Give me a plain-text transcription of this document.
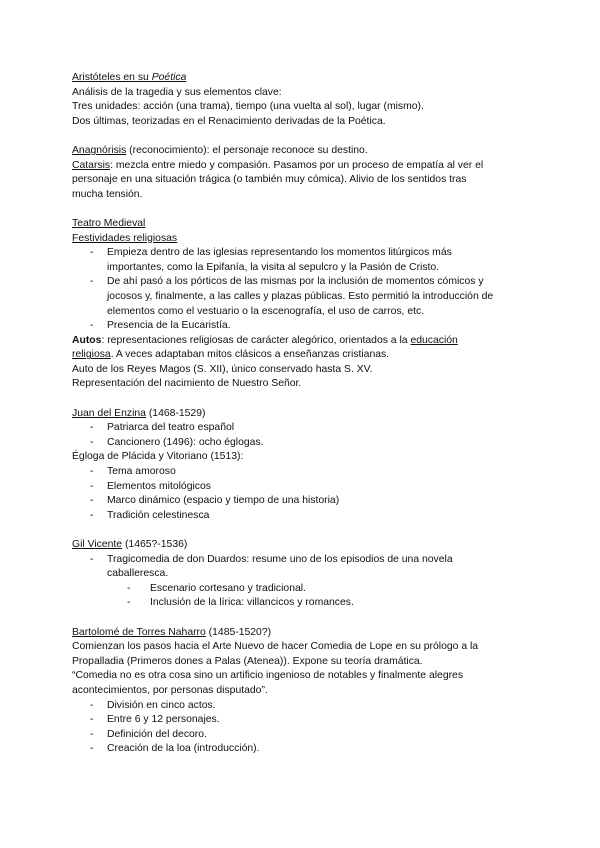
Aristóteles en su Poética
Análisis de la tragedia y sus elementos clave:
Tres unidades: acción (una trama), tiempo (una vuelta al sol), lugar (mismo).
Dos últimas, teorizadas en el Renacimiento derivadas de la Poética.
Anagnórisis (reconocimiento): el personaje reconoce su destino.
Catarsis: mezcla entre miedo y compasión. Pasamos por un proceso de empatía al ver el
personaje en una situación trágica (o también muy cómica). Alivio de los sentidos tras
mucha tensión.
Teatro Medieval
Festividades religiosas
- Empieza dentro de las iglesias representando los momentos litúrgicos más
importantes, como la Epifanía, la visita al sepulcro y la Pasión de Cristo.
- De ahí pasó a los pórticos de las mismas por la inclusión de momentos cómicos y
jocosos y, finalmente, a las calles y plazas públicas. Esto permitió la introducción de
elementos como el vestuario o la escenografía, el uso de carros, etc.
- Presencia de la Eucaristía.
Autos: representaciones religiosas de carácter alegórico, orientados a la educación
religiosa. A veces adaptaban mitos clásicos a enseñanzas cristianas.
Auto de los Reyes Magos (S. XII), único conservado hasta S. XV.
Representación del nacimiento de Nuestro Señor.
Juan del Enzina (1468-1529)
- Patriarca del teatro español
- Cancionero (1496): ocho églogas.
Égloga de Plácida y Vitoriano (1513):
- Tema amoroso
- Elementos mitológicos
- Marco dinámico (espacio y tiempo de una historia)
- Tradición celestinesca
Gil Vicente (1465?-1536)
- Tragicomedia de don Duardos: resume uno de los episodios de una novela
caballeresca.
- Escenario cortesano y tradicional.
- Inclusión de la lírica: villancicos y romances.
Bartolomé de Torres Naharro (1485-1520?)
Comienzan los pasos hacia el Arte Nuevo de hacer Comedia de Lope en su prólogo a la
Propalladia (Primeros dones a Palas (Atenea)). Expone su teoría dramática.
“Comedia no es otra cosa sino un artificio ingenioso de notables y finalmente alegres
acontecimientos, por personas disputado”.
- División en cinco actos.
- Entre 6 y 12 personajes.
- Definición del decoro.
- Creación de la loa (introducción).
